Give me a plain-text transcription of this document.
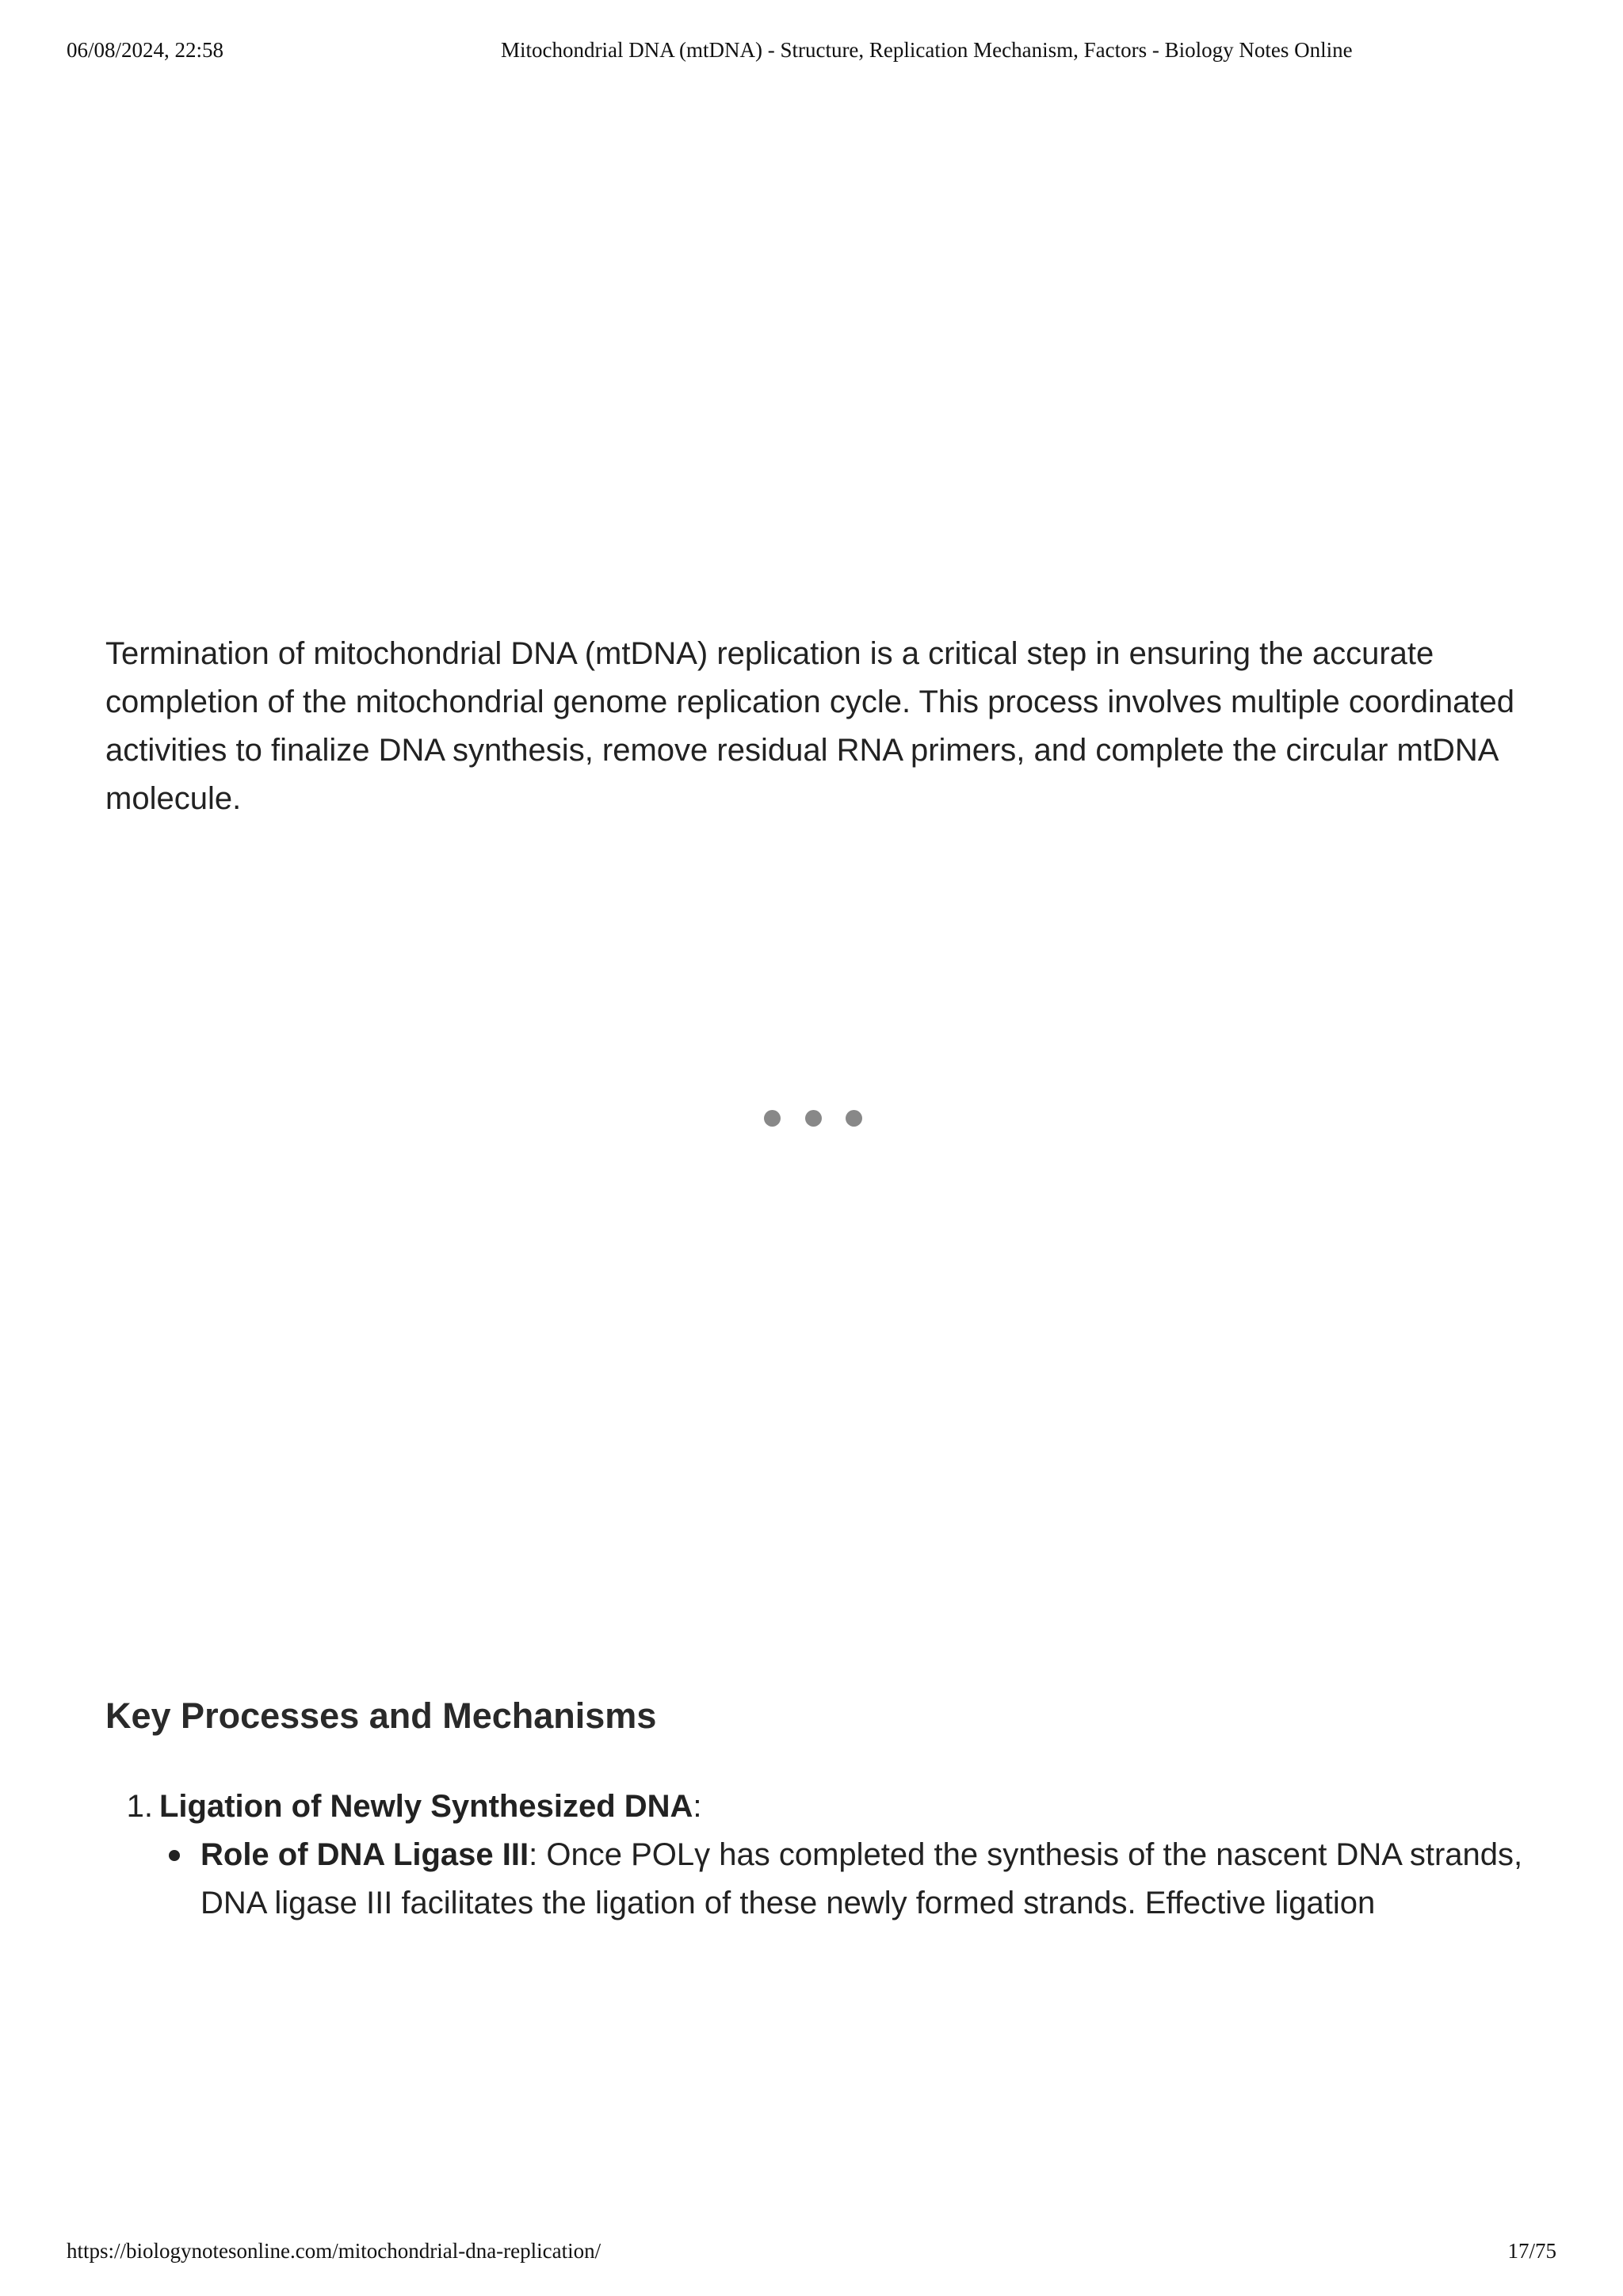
06/08/2024, 22:58	Mitochondrial DNA (mtDNA) - Structure, Replication Mechanism, Factors - Biology Notes Online

Termination of mitochondrial DNA (mtDNA) replication is a critical step in ensuring the accurate completion of the mitochondrial genome replication cycle. This process involves multiple coordinated activities to finalize DNA synthesis, remove residual RNA primers, and complete the circular mtDNA molecule.

Key Processes and Mechanisms
1. Ligation of Newly Synthesized DNA:
Role of DNA Ligase III: Once POLγ has completed the synthesis of the nascent DNA strands, DNA ligase III facilitates the ligation of these newly formed strands. Effective ligation
https://biologynotesonline.com/mitochondrial-dna-replication/	17/75
